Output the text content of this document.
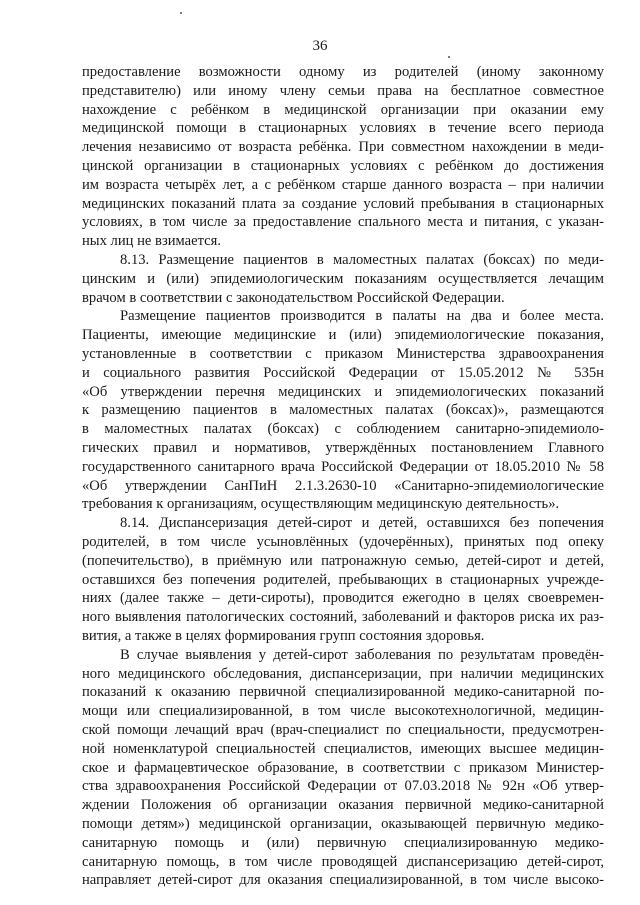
36
предоставление возможности одному из родителей (иному законному
представителю) или иному члену семьи права на бесплатное совместное
нахождение с ребёнком в медицинской организации при оказании ему
медицинской помощи в стационарных условиях в течение всего периода
лечения независимо от возраста ребёнка. При совместном нахождении в меди-
цинской организации в стационарных условиях с ребёнком до достижения
им возраста четырёх лет, а с ребёнком старше данного возраста – при наличии
медицинских показаний плата за создание условий пребывания в стационарных
условиях, в том числе за предоставление спального места и питания, с указан-
ных лиц не взимается.
8.13. Размещение пациентов в маломестных палатах (боксах) по меди-
цинским и (или) эпидемиологическим показаниям осуществляется лечащим
врачом в соответствии с законодательством Российской Федерации.
Размещение пациентов производится в палаты на два и более места.
Пациенты, имеющие медицинские и (или) эпидемиологические показания,
установленные в соответствии с приказом Министерства здравоохранения
и социального развития Российской Федерации от 15.05.2012 № 535н
«Об утверждении перечня медицинских и эпидемиологических показаний
к размещению пациентов в маломестных палатах (боксах)», размещаются
в маломестных палатах (боксах) с соблюдением санитарно-эпидемиоло-
гических правил и нормативов, утверждённых постановлением Главного
государственного санитарного врача Российской Федерации от 18.05.2010 № 58
«Об утверждении СанПиН 2.1.3.2630-10 «Санитарно-эпидемиологические
требования к организациям, осуществляющим медицинскую деятельность».
8.14. Диспансеризация детей-сирот и детей, оставшихся без попечения
родителей, в том числе усыновлённых (удочерённых), принятых под опеку
(попечительство), в приёмную или патронажную семью, детей-сирот и детей,
оставшихся без попечения родителей, пребывающих в стационарных учрежде-
ниях (далее также – дети-сироты), проводится ежегодно в целях своевремен-
ного выявления патологических состояний, заболеваний и факторов риска их раз-
вития, а также в целях формирования групп состояния здоровья.
В случае выявления у детей-сирот заболевания по результатам проведён-
ного медицинского обследования, диспансеризации, при наличии медицинских
показаний к оказанию первичной специализированной медико-санитарной по-
мощи или специализированной, в том числе высокотехнологичной, медицин-
ской помощи лечащий врач (врач-специалист по специальности, предусмотрен-
ной номенклатурой специальностей специалистов, имеющих высшее медицин-
ское и фармацевтическое образование, в соответствии с приказом Министер-
ства здравоохранения Российской Федерации от 07.03.2018 № 92н «Об утвер-
ждении Положения об организации оказания первичной медико-санитарной
помощи детям») медицинской организации, оказывающей первичную медико-
санитарную помощь и (или) первичную специализированную медико-
санитарную помощь, в том числе проводящей диспансеризацию детей-сирот,
направляет детей-сирот для оказания специализированной, в том числе высоко-
